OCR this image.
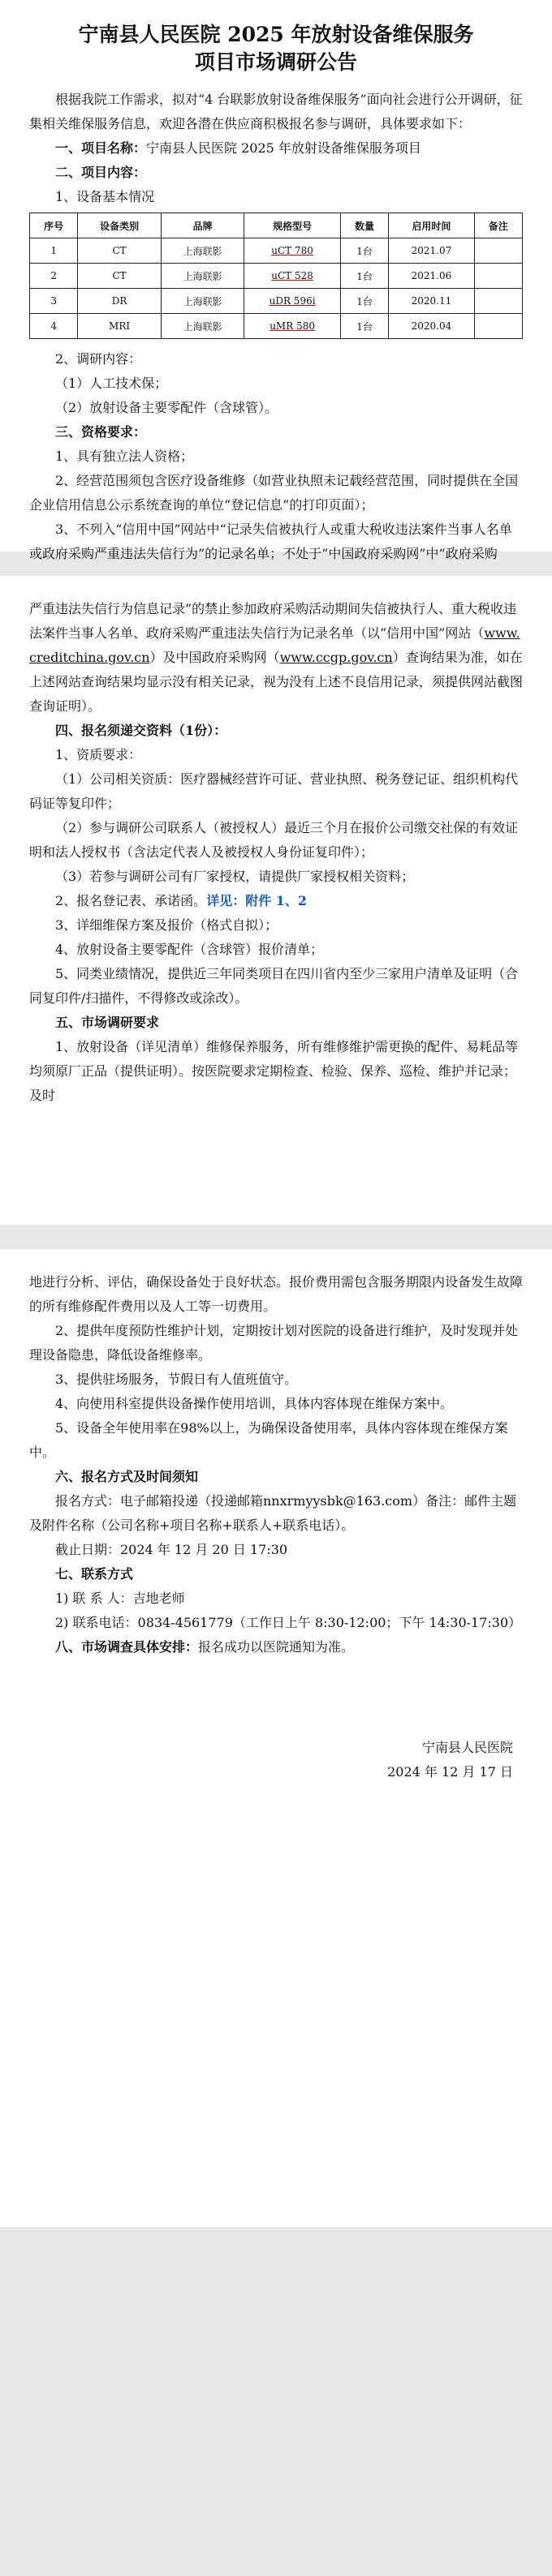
宁南县人民医院 2025 年放射设备维保服务
项目市场调研公告

根据我院工作需求，拟对“4 台联影放射设备维保服务”面向社会进行公开调研，征集相关维保服务信息，欢迎各潜在供应商积极报名参与调研，具体要求如下：

一、项目名称：宁南县人民医院 2025 年放射设备维保服务项目

二、项目内容：

1、设备基本情况

序号	设备类别	品牌	规格型号	数量	启用时间	备注
1	CT	上海联影	uCT 780	1台	2021.07	
2	CT	上海联影	uCT 528	1台	2021.06	
3	DR	上海联影	uDR 596i	1台	2020.11	
4	MRI	上海联影	uMR 580	1台	2020.04	

2、调研内容：

（1）人工技术保；

（2）放射设备主要零配件（含球管）。

三、资格要求：

1、具有独立法人资格；

2、经营范围须包含医疗设备维修（如营业执照未记载经营范围，同时提供在全国企业信用信息公示系统查询的单位“登记信息”的打印页面）；

3、不列入“信用中国”网站中“记录失信被执行人或重大税收违法案件当事人名单或政府采购严重违法失信行为”的记录名单；不处于“中国政府采购网”中“政府采购

严重违法失信行为信息记录”的禁止参加政府采购活动期间失信被执行人、重大税收违法案件当事人名单、政府采购严重违法失信行为记录名单（以“信用中国”网站（www.creditchina.gov.cn）及中国政府采购网（www.ccgp.gov.cn）查询结果为准，如在上述网站查询结果均显示没有相关记录，视为没有上述不良信用记录，须提供网站截图查询证明）。

四、报名须递交资料（1份）：

1、资质要求：

（1）公司相关资质：医疗器械经营许可证、营业执照、税务登记证、组织机构代码证等复印件；

（2）参与调研公司联系人（被授权人）最近三个月在报价公司缴交社保的有效证明和法人授权书（含法定代表人及被授权人身份证复印件）；

（3）若参与调研公司有厂家授权，请提供厂家授权相关资料；

2、报名登记表、承诺函。详见：附件 1、2

3、详细维保方案及报价（格式自拟）；

4、放射设备主要零配件（含球管）报价清单；

5、同类业绩情况，提供近三年同类项目在四川省内至少三家用户清单及证明（合同复印件/扫描件，不得修改或涂改）。

五、市场调研要求

1、放射设备（详见清单）维修保养服务，所有维修维护需更换的配件、易耗品等均须原厂正品（提供证明）。按医院要求定期检查、检验、保养、巡检、维护并记录；及时

地进行分析、评估，确保设备处于良好状态。报价费用需包含服务期限内设备发生故障的所有维修配件费用以及人工等一切费用。

2、提供年度预防性维护计划，定期按计划对医院的设备进行维护，及时发现并处理设备隐患，降低设备维修率。

3、提供驻场服务，节假日有人值班值守。

4、向使用科室提供设备操作使用培训，具体内容体现在维保方案中。

5、设备全年使用率在98%以上，为确保设备使用率，具体内容体现在维保方案中。

六、报名方式及时间须知

报名方式：电子邮箱投递（投递邮箱nnxrmyysbk@163.com）备注：邮件主题及附件名称（公司名称+项目名称+联系人+联系电话）。

截止日期：2024 年 12 月 20 日 17:30

七、联系方式

1) 联 系 人：吉地老师

2) 联系电话：0834-4561779（工作日上午 8:30-12:00；下午 14:30-17:30）

八、市场调查具体安排：报名成功以医院通知为准。

宁南县人民医院
2024 年 12 月 17 日
